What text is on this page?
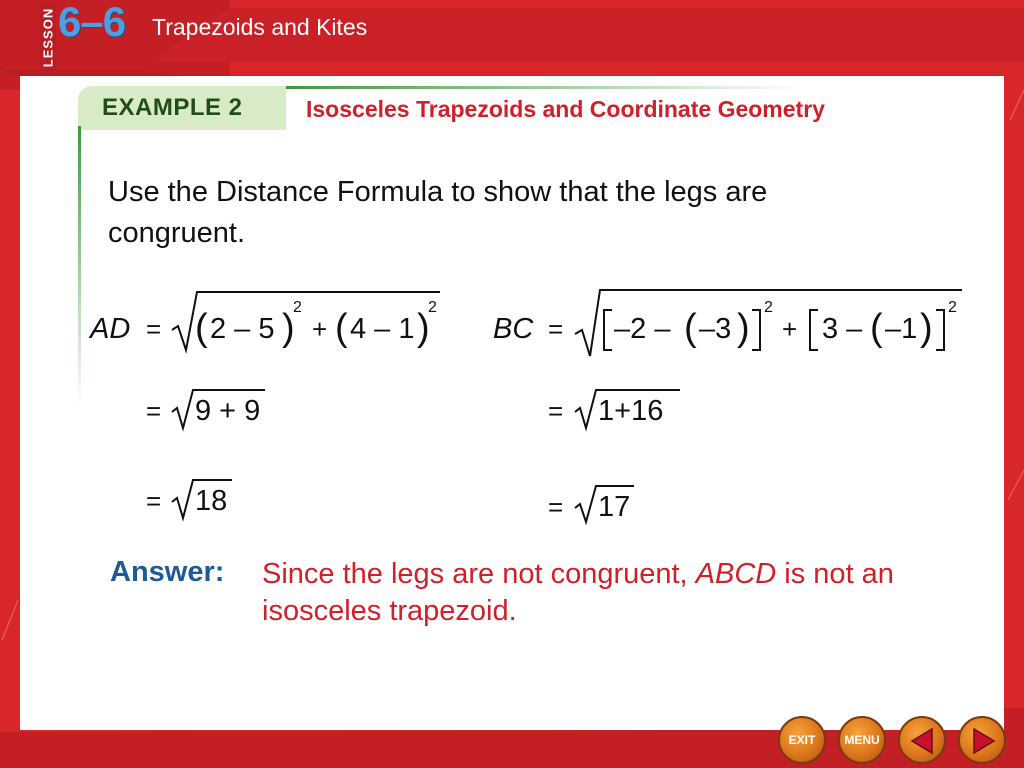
LESSON 6–6 Trapezoids and Kites
EXAMPLE 2	Isosceles Trapezoids and Coordinate Geometry
Use the Distance Formula to show that the legs are congruent.
AD = ( 2 – 5 )
2
+ ( 4 – 1 )
2
= 9 + 9
= 18
BC = –2 – ( –3 ) 2
+ 3 – ( –1 ) 2
= 1+16
= 17
Answer: Since the legs are not congruent, ABCD is not an isosceles trapezoid.
EXIT	MENU
